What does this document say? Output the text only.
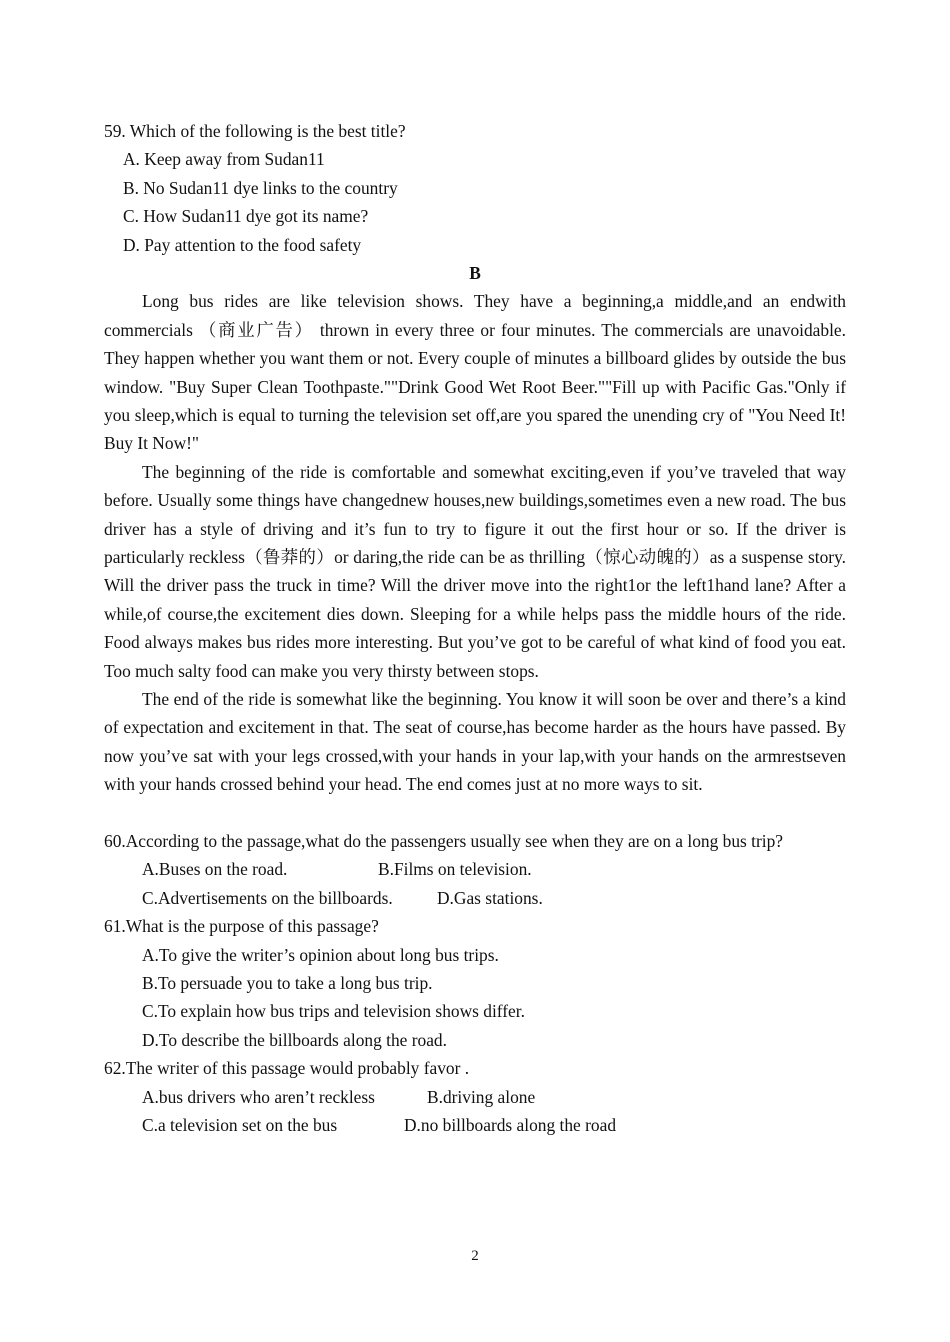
59. Which of the following is the best title?
A. Keep away from Sudan11
B. No Sudan11 dye links to the country
C. How Sudan11 dye got its name?
D. Pay attention to the food safety
B

Long bus rides are like television shows. They have a beginning,a middle,and an endwith commercials （商业广告） thrown in every three or four minutes. The commercials are unavoidable. They happen whether you want them or not. Every couple of minutes a billboard glides by outside the bus window. "Buy Super Clean Toothpaste.""Drink Good Wet Root Beer.""Fill up with Pacific Gas."Only if you sleep,which is equal to turning the television set off,are you spared the unending cry of "You Need It! Buy It Now!"

The beginning of the ride is comfortable and somewhat exciting,even if you’ve traveled that way before. Usually some things have changednew houses,new buildings,sometimes even a new road. The bus driver has a style of driving and it’s fun to try to figure it out the first hour or so. If the driver is particularly reckless（鲁莽的）or daring,the ride can be as thrilling（惊心动魄的）as a suspense story. Will the driver pass the truck in time? Will the driver move into the right1or the left1hand lane? After a while,of course,the excitement dies down. Sleeping for a while helps pass the middle hours of the ride. Food always makes bus rides more interesting. But you’ve got to be careful of what kind of food you eat. Too much salty food can make you very thirsty between stops.

The end of the ride is somewhat like the beginning. You know it will soon be over and there’s a kind of expectation and excitement in that. The seat of course,has become harder as the hours have passed. By now you’ve sat with your legs crossed,with your hands in your lap,with your hands on the armrestseven with your hands crossed behind your head. The end comes just at no more ways to sit.

60.According to the passage,what do the passengers usually see when they are on a long bus trip?

A.Buses on the road.	B.Films on television.
C.Advertisements on the billboards.	D.Gas stations.
61.What is the purpose of this passage?
A.To give the writer’s opinion about long bus trips.
B.To persuade you to take a long bus trip.
C.To explain how bus trips and television shows differ.
D.To describe the billboards along the road.
62.The writer of this passage would probably favor .
A.bus drivers who aren’t reckless	B.driving alone
C.a television set on the bus	D.no billboards along the road
2
